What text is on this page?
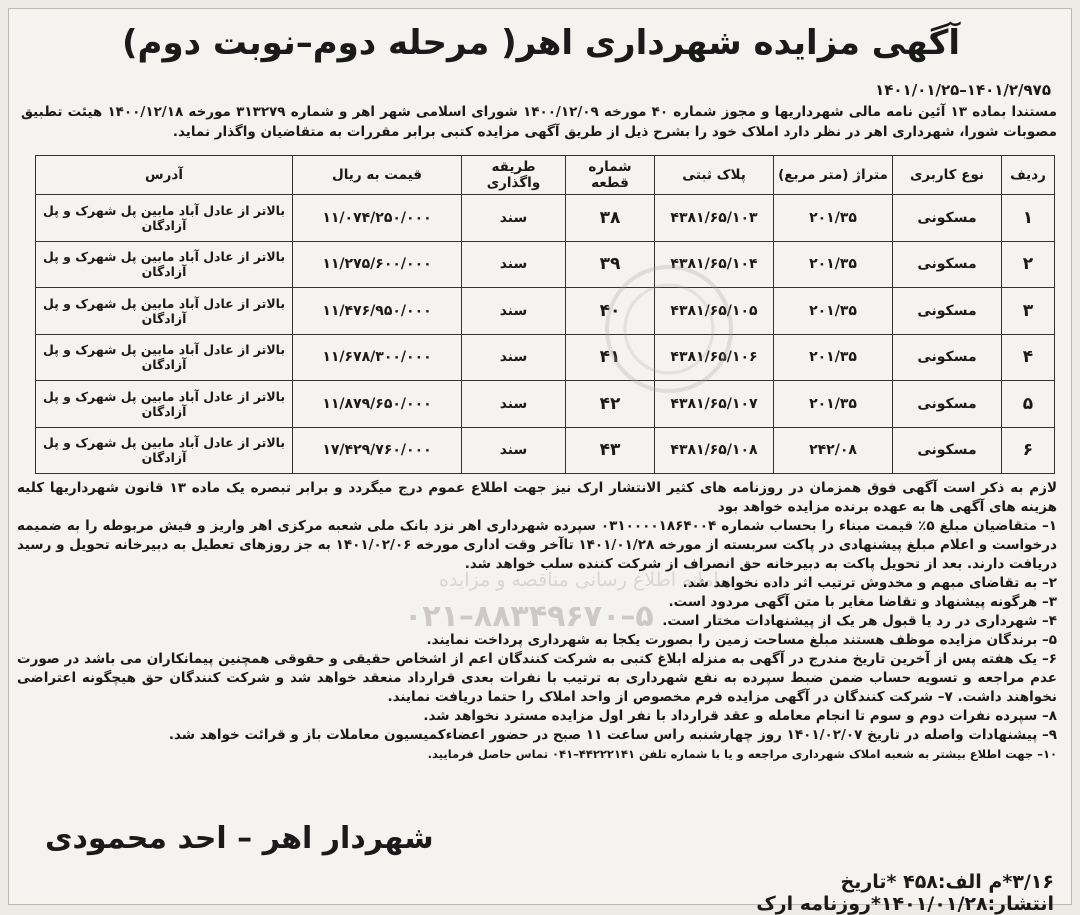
آگهی مزایده شهرداری اهر( مرحله دوم–نوبت دوم)
۱۴۰۱/۲/۹۷۵–۱۴۰۱/۰۱/۲۵
مستندا بماده ۱۳ آئین نامه مالی شهرداریها و مجوز شماره ۴۰ مورخه ۱۴۰۰/۱۲/۰۹ شورای اسلامی شهر اهر و شماره ۳۱۳۲۷۹ مورخه ۱۴۰۰/۱۲/۱۸ هیئت تطبیق مصوبات شورا، شهرداری اهر در نظر دارد املاک خود را بشرح ذیل از طریق آگهی مزایده کتبی برابر مقررات به متقاضیان واگذار نماید.
ردیف	نوع کاربری	متراژ (متر مربع)	پلاک ثبتی	شماره قطعه	طریقه واگذاری	قیمت به ریال	آدرس
۱	مسکونی	۲۰۱/۳۵	۴۳۸۱/۶۵/۱۰۳	۳۸	سند	۱۱/۰۷۴/۲۵۰/۰۰۰	بالاتر از عادل آباد مابین پل شهرک و پل آزادگان
۲	مسکونی	۲۰۱/۳۵	۴۳۸۱/۶۵/۱۰۴	۳۹	سند	۱۱/۲۷۵/۶۰۰/۰۰۰	بالاتر از عادل آباد مابین پل شهرک و پل آزادگان
۳	مسکونی	۲۰۱/۳۵	۴۳۸۱/۶۵/۱۰۵	۴۰	سند	۱۱/۴۷۶/۹۵۰/۰۰۰	بالاتر از عادل آباد مابین پل شهرک و پل آزادگان
۴	مسکونی	۲۰۱/۳۵	۴۳۸۱/۶۵/۱۰۶	۴۱	سند	۱۱/۶۷۸/۳۰۰/۰۰۰	بالاتر از عادل آباد مابین پل شهرک و پل آزادگان
۵	مسکونی	۲۰۱/۳۵	۴۳۸۱/۶۵/۱۰۷	۴۲	سند	۱۱/۸۷۹/۶۵۰/۰۰۰	بالاتر از عادل آباد مابین پل شهرک و پل آزادگان
۶	مسکونی	۲۴۲/۰۸	۴۳۸۱/۶۵/۱۰۸	۴۳	سند	۱۷/۴۲۹/۷۶۰/۰۰۰	بالاتر از عادل آباد مابین پل شهرک و پل آزادگان
سامانه اطلاع رسانی مناقصه و مزایده
۰۲۱–۸۸۳۴۹۶۷۰–۵

لازم به ذکر است آگهی فوق همزمان در روزنامه های کثیر الانتشار ارک نیز جهت اطلاع عموم درج میگردد و برابر تبصره یک ماده ۱۳ قانون شهرداریها کلیه هزینه های آگهی ها به عهده برنده مزایده خواهد بود

۱– متقاضیان مبلغ ۵٪ قیمت مبناء را بحساب شماره ۰۳۱۰۰۰۰۱۸۶۴۰۰۴ سپرده شهرداری اهر نزد بانک ملی شعبه مرکزی اهر واریز و فیش مربوطه را به ضمیمه درخواست و اعلام مبلغ پیشنهادی در پاکت سربسته از مورخه ۱۴۰۱/۰۱/۲۸ تاآخر وقت اداری مورخه ۱۴۰۱/۰۲/۰۶ به جز روزهای تعطیل به دبیرخانه تحویل و رسید دریافت دارند. بعد از تحویل پاکت به دبیرخانه حق انصراف از شرکت کننده سلب خواهد شد.

۲– به تقاضای مبهم و مخدوش ترتیب اثر داده نخواهد شد.

۳– هرگونه پیشنهاد و تقاضا مغایر با متن آگهی مردود است.

۴– شهرداری در رد یا قبول هر یک از پیشنهادات مختار است.

۵– برندگان مزایده موظف هستند مبلغ مساحت زمین را بصورت یکجا به شهرداری پرداخت نمایند.

۶– یک هفته پس از آخرین تاریخ مندرج در آگهی به منزله ابلاغ کتبی به شرکت کنندگان اعم از اشخاص حقیقی و حقوقی همچنین پیمانکاران می باشد در صورت عدم مراجعه و تسویه حساب ضمن ضبط سپرده به نفع شهرداری به ترتیب با نفرات بعدی قرارداد منعقد خواهد شد و شرکت کنندگان حق هیچگونه اعتراضی نخواهند داشت. ۷– شرکت کنندگان در آگهی مزایده فرم مخصوص از واحد املاک را حتما دریافت نمایند.

۸– سپرده نفرات دوم و سوم تا انجام معامله و عقد قرارداد با نفر اول مزایده مسترد نخواهد شد.

۹– پیشنهادات واصله در تاریخ ۱۴۰۱/۰۲/۰۷ روز چهارشنبه راس ساعت ۱۱ صبح در حضور اعضاءکمیسیون معاملات باز و قرائت خواهد شد.

۱۰– جهت اطلاع بیشتر به شعبه املاک شهرداری مراجعه و یا با شماره تلفن ۴۴۲۲۲۱۴۱–۰۴۱ تماس حاصل فرمایید.

شهردار اهر – احد محمودی
۳/۱۶*م الف:۴۵۸ *تاریخ انتشار:۱۴۰۱/۰۱/۲۸*روزنامه ارک
